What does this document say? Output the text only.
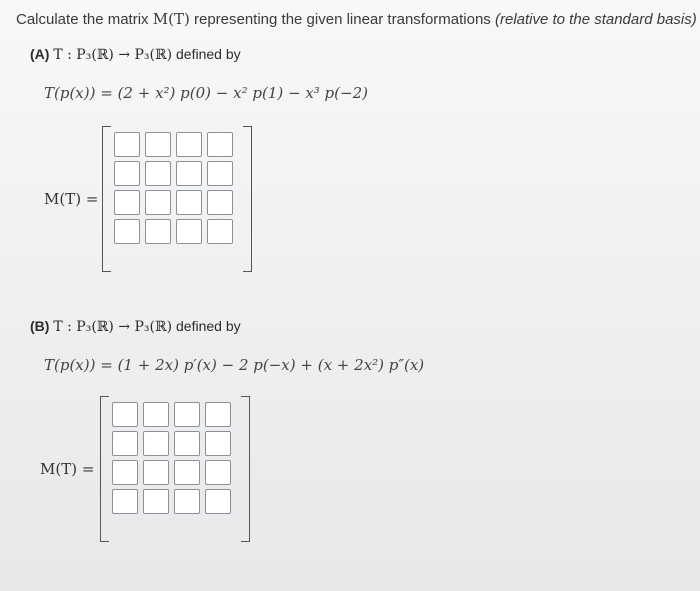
Calculate the matrix M(T) representing the given linear transformations (relative to the standard basis)
(A) T : P₃(ℝ) → P₃(ℝ) defined by
T(p(x)) = (2 + x²) p(0) − x² p(1) − x³ p(−2)
M(T) =
(B) T : P₃(ℝ) → P₃(ℝ) defined by
T(p(x)) = (1 + 2x) p′(x) − 2 p(−x) + (x + 2x²) p″(x)
M(T) =
